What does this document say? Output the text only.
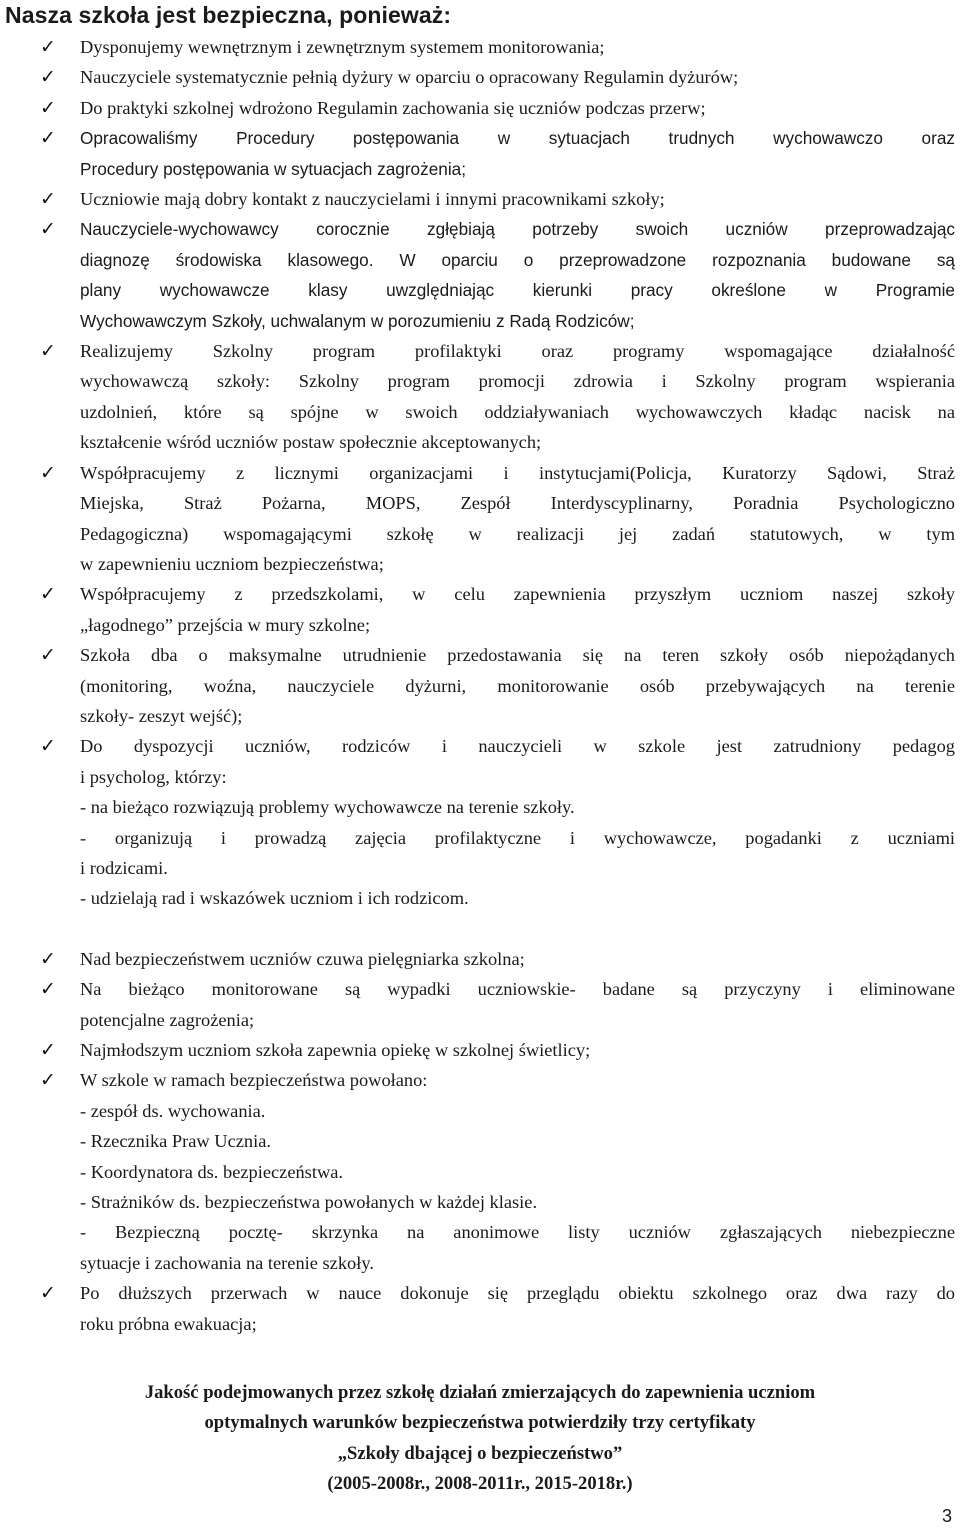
Nasza szkoła jest bezpieczna, ponieważ:
✓ Dysponujemy wewnętrznym i zewnętrznym systemem monitorowania;
✓ Nauczyciele systematycznie pełnią dyżury w oparciu o opracowany Regulamin dyżurów;
✓ Do praktyki szkolnej wdrożono Regulamin zachowania się uczniów podczas przerw;
✓ Opracowaliśmy Procedury postępowania w sytuacjach trudnych wychowawczo oraz
Procedury postępowania w sytuacjach zagrożenia;
✓ Uczniowie mają dobry kontakt z nauczycielami i innymi pracownikami szkoły;
✓ Nauczyciele-wychowawcy corocznie zgłębiają potrzeby swoich uczniów przeprowadzając
diagnozę środowiska klasowego. W oparciu o przeprowadzone rozpoznania budowane są
plany wychowawcze klasy uwzględniając kierunki pracy określone w Programie
Wychowawczym Szkoły, uchwalanym w porozumieniu z Radą Rodziców;
✓ Realizujemy Szkolny program profilaktyki oraz programy wspomagające działalność
wychowawczą szkoły: Szkolny program promocji zdrowia i Szkolny program wspierania
uzdolnień, które są spójne w swoich oddziaływaniach wychowawczych kładąc nacisk na
kształcenie wśród uczniów postaw społecznie akceptowanych;
✓ Współpracujemy z licznymi organizacjami i instytucjami(Policja, Kuratorzy Sądowi, Straż
Miejska, Straż Pożarna, MOPS, Zespół Interdyscyplinarny, Poradnia Psychologiczno
Pedagogiczna) wspomagającymi szkołę w realizacji jej zadań statutowych, w tym
w zapewnieniu uczniom bezpieczeństwa;
✓ Współpracujemy z przedszkolami, w celu zapewnienia przyszłym uczniom naszej szkoły
„łagodnego” przejścia w mury szkolne;
✓ Szkoła dba o maksymalne utrudnienie przedostawania się na teren szkoły osób niepożądanych
(monitoring, woźna, nauczyciele dyżurni, monitorowanie osób przebywających na terenie
szkoły- zeszyt wejść);
✓ Do dyspozycji uczniów, rodziców i nauczycieli w szkole jest zatrudniony pedagog
i psycholog, którzy:
- na bieżąco rozwiązują problemy wychowawcze na terenie szkoły.
- organizują i prowadzą zajęcia profilaktyczne i wychowawcze, pogadanki z uczniami
i rodzicami.
- udzielają rad i wskazówek uczniom i ich rodzicom.
✓ Nad bezpieczeństwem uczniów czuwa pielęgniarka szkolna;
✓ Na bieżąco monitorowane są wypadki uczniowskie- badane są przyczyny i eliminowane
potencjalne zagrożenia;
✓ Najmłodszym uczniom szkoła zapewnia opiekę w szkolnej świetlicy;
✓ W szkole w ramach bezpieczeństwa powołano:
- zespół ds. wychowania.
- Rzecznika Praw Ucznia.
- Koordynatora ds. bezpieczeństwa.
- Strażników ds. bezpieczeństwa powołanych w każdej klasie.
- Bezpieczną pocztę- skrzynka na anonimowe listy uczniów zgłaszających niebezpieczne
sytuacje i zachowania na terenie szkoły.
✓ Po dłuższych przerwach w nauce dokonuje się przeglądu obiektu szkolnego oraz dwa razy do
roku próbna ewakuacja;
Jakość podejmowanych przez szkołę działań zmierzających do zapewnienia uczniom
optymalnych warunków bezpieczeństwa potwierdziły trzy certyfikaty
„Szkoły dbającej o bezpieczeństwo”
(2005-2008r., 2008-2011r., 2015-2018r.)
3
